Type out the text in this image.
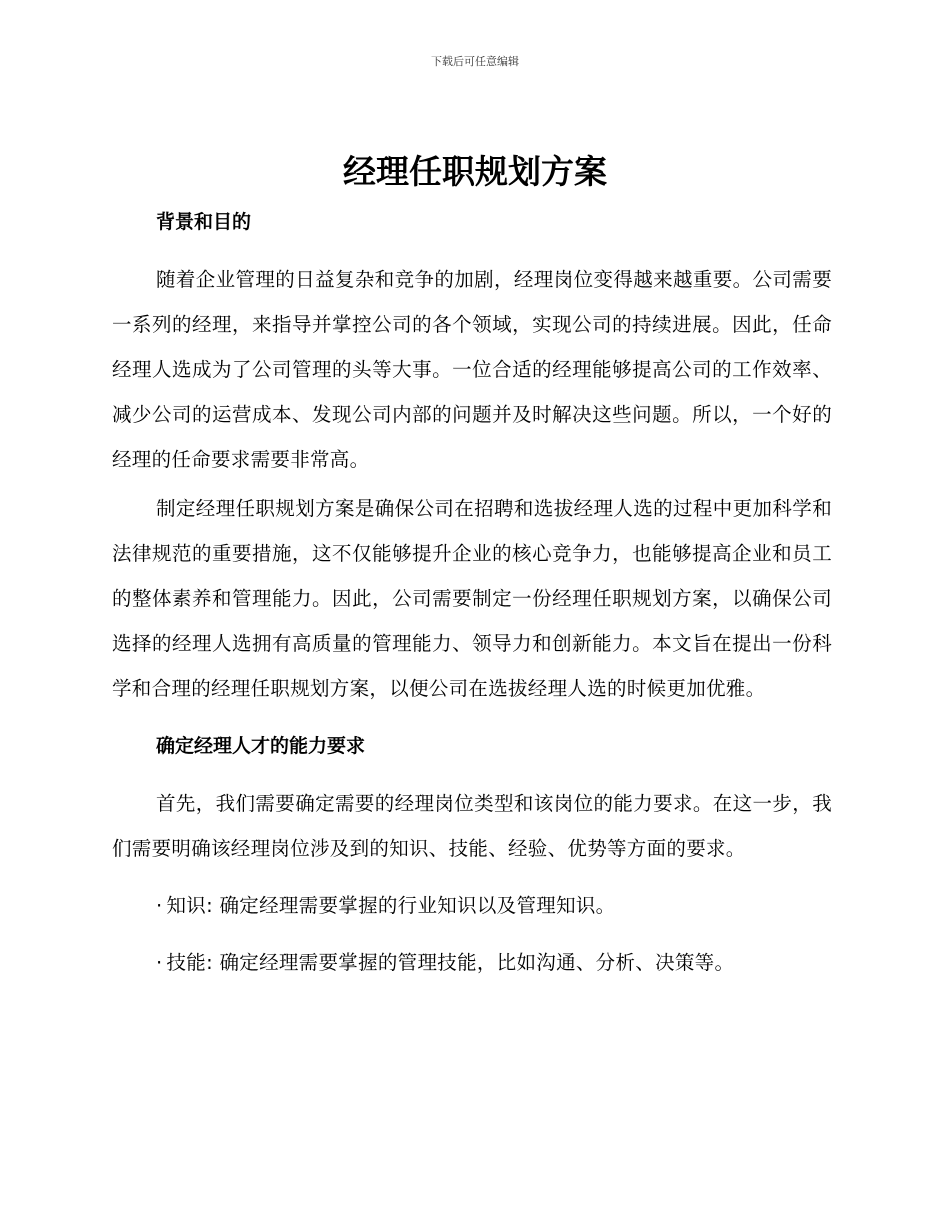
下载后可任意编辑
经理任职规划方案
背景和目的

随着企业管理的日益复杂和竞争的加剧，经理岗位变得越来越重要。公司需要一系列的经理，来指导并掌控公司的各个领域，实现公司的持续进展。因此，任命经理人选成为了公司管理的头等大事。一位合适的经理能够提高公司的工作效率、减少公司的运营成本、发现公司内部的问题并及时解决这些问题。所以，一个好的经理的任命要求需要非常高。

制定经理任职规划方案是确保公司在招聘和选拔经理人选的过程中更加科学和法律规范的重要措施，这不仅能够提升企业的核心竞争力，也能够提高企业和员工的整体素养和管理能力。因此，公司需要制定一份经理任职规划方案，以确保公司选择的经理人选拥有高质量的管理能力、领导力和创新能力。本文旨在提出一份科学和合理的经理任职规划方案，以便公司在选拔经理人选的时候更加优雅。

确定经理人才的能力要求

首先，我们需要确定需要的经理岗位类型和该岗位的能力要求。在这一步，我们需要明确该经理岗位涉及到的知识、技能、经验、优势等方面的要求。

· 知识: 确定经理需要掌握的行业知识以及管理知识。
· 技能: 确定经理需要掌握的管理技能，比如沟通、分析、决策等。
